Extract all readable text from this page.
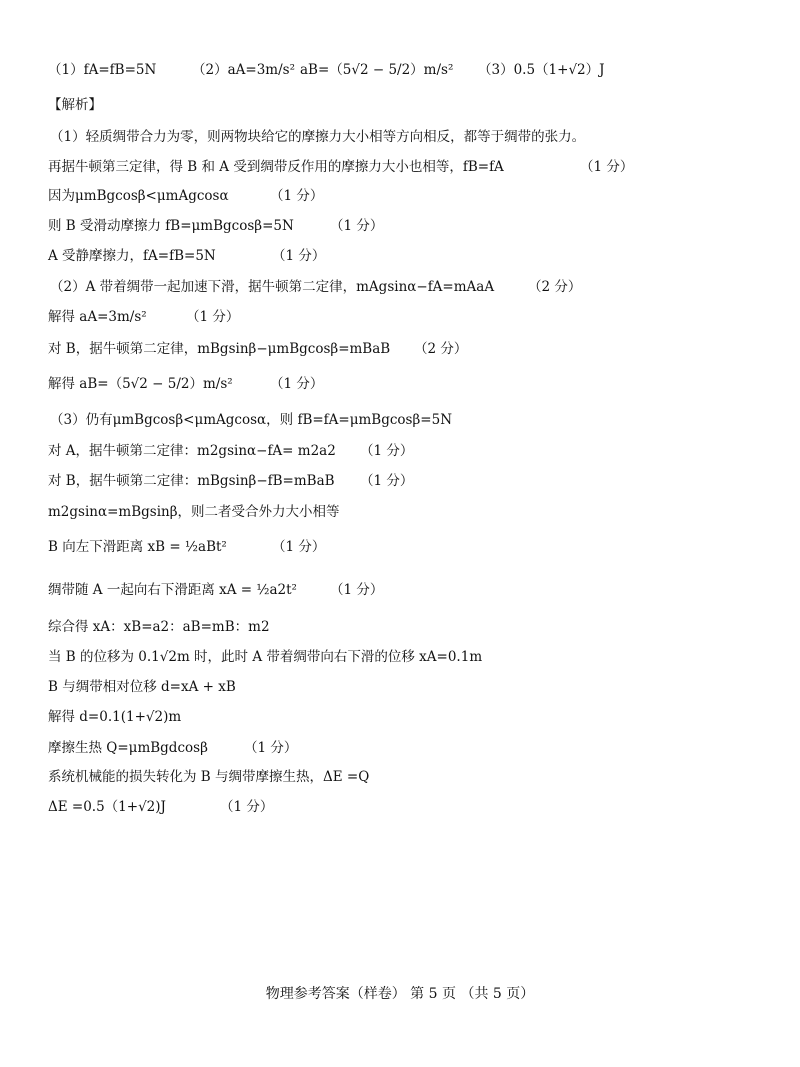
（1）fA=fB=5N	（2）aA=3m/s² aB=（5√2 − 5/2）m/s² （3）0.5（1+√2）J
【解析】
（1）轻质绸带合力为零，则两物块给它的摩擦力大小相等方向相反，都等于绸带的张力。
再据牛顿第三定律，得 B 和 A 受到绸带反作用的摩擦力大小也相等，fB=fA	（1 分）
因为μmBgcosβ<μmAgcosα	（1 分）
则 B 受滑动摩擦力 fB=μmBgcosβ=5N	（1 分）
A 受静摩擦力，fA=fB=5N	（1 分）
（2）A 带着绸带一起加速下滑，据牛顿第二定律，mAgsinα−fA=mAaA	（2 分）
解得 aA=3m/s²	（1 分）
对 B，据牛顿第二定律，mBgsinβ−μmBgcosβ=mBaB （2 分）
解得 aB=（5√2 − 5/2）m/s²	（1 分）
（3）仍有μmBgcosβ<μmAgcosα，则 fB=fA=μmBgcosβ=5N
对 A，据牛顿第二定律：m2gsinα−fA= m2a2 （1 分）
对 B，据牛顿第二定律：mBgsinβ−fB=mBaB （1 分）
m2gsinα=mBgsinβ，则二者受合外力大小相等
B 向左下滑距离 xB = ½aBt²	（1 分）
绸带随 A 一起向右下滑距离 xA = ½a2t² （1 分）
综合得 xA：xB=a2：aB=mB：m2
当 B 的位移为 0.1√2m 时，此时 A 带着绸带向右下滑的位移 xA=0.1m
B 与绸带相对位移 d=xA + xB
解得 d=0.1(1+√2)m
摩擦生热 Q=μmBgdcosβ	（1 分）
系统机械能的损失转化为 B 与绸带摩擦生热，ΔE =Q
ΔE =0.5（1+√2)J	（1 分）
物理参考答案（样卷） 第 5 页 （共 5 页）
